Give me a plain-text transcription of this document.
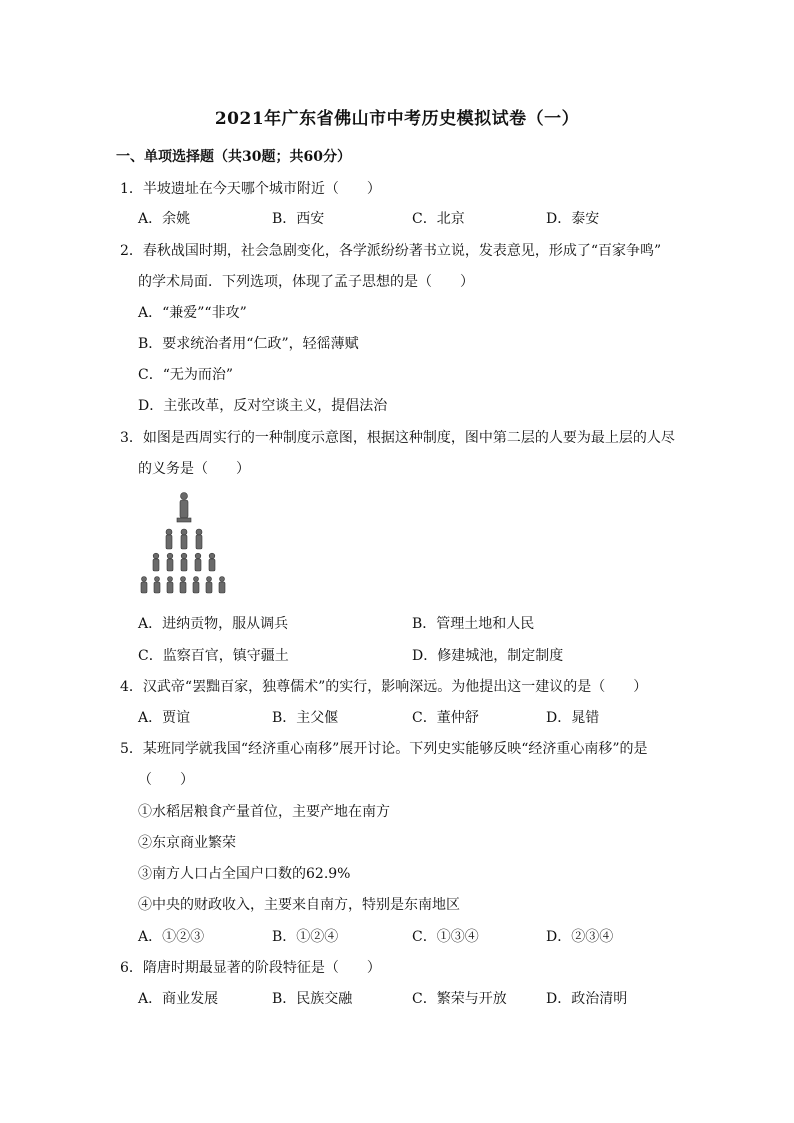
2021年广东省佛山市中考历史模拟试卷（一）
一、单项选择题（共30题；共60分）
1．半坡遗址在今天哪个城市附近（　　）
A．余姚	B．西安	C．北京	D．泰安
2．春秋战国时期，社会急剧变化，各学派纷纷著书立说，发表意见，形成了“百家争鸣”
的学术局面．下列选项，体现了孟子思想的是（　　）
A．“兼爱”“非攻”
B．要求统治者用“仁政”，轻徭薄赋
C．“无为而治”
D．主张改革，反对空谈主义，提倡法治
3．如图是西周实行的一种制度示意图，根据这种制度，图中第二层的人要为最上层的人尽
的义务是（　　）
A．进纳贡物，服从调兵	B．管理土地和人民
C．监察百官，镇守疆土	D．修建城池，制定制度
4．汉武帝“罢黜百家，独尊儒术”的实行，影响深远。为他提出这一建议的是（　　）
A．贾谊	B．主父偃	C．董仲舒	D．晁错
5．某班同学就我国“经济重心南移”展开讨论。下列史实能够反映“经济重心南移”的是
（　　）
①水稻居粮食产量首位，主要产地在南方
②东京商业繁荣
③南方人口占全国户口数的62.9%
④中央的财政收入，主要来自南方，特别是东南地区
A．①②③	B．①②④	C．①③④	D．②③④
6．隋唐时期最显著的阶段特征是（　　）
A．商业发展	B．民族交融	C．繁荣与开放	D．政治清明
